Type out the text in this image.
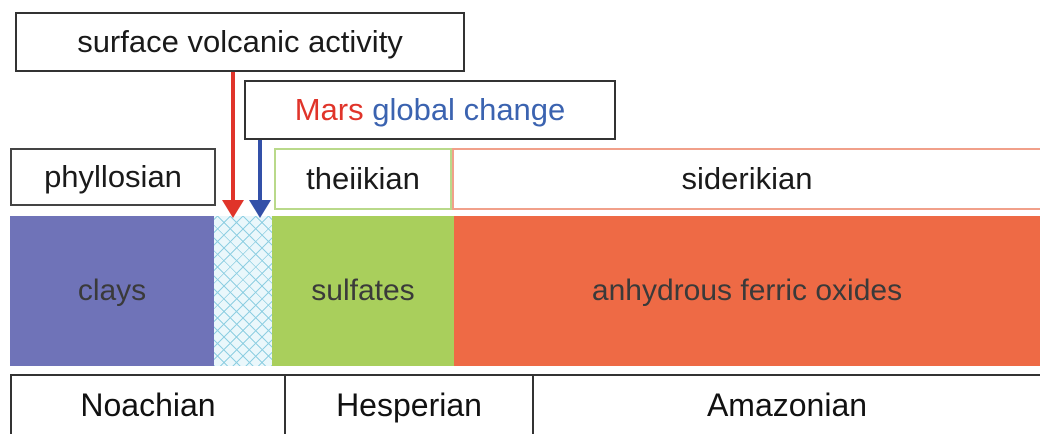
surface volcanic activity
Mars
global
change
phyllosian	theiikian	siderikian
clays	sulfates	anhydrous ferric oxides
Noachian	Hesperian	Amazonian
